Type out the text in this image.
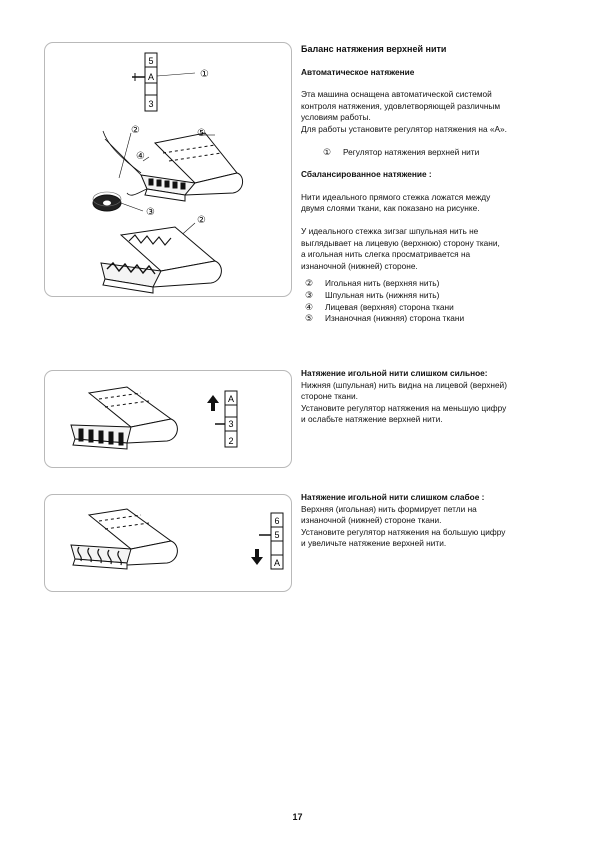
5
A
3
①
②
④
⑤
③
②

Баланс натяжения верхней нити

Автоматическое натяжение

Эта машина оснащена автоматической системой

контроля натяжения, удовлетворяющей различным

условиям работы.

Для работы установите регулятор натяжения на «А».

①	Регулятор натяжения верхней нити

Сбалансированное натяжение :

Нити идеального прямого стежка ложатся между

двумя слоями ткани, как показано на рисунке.

У идеального стежка зигзаг шпульная нить не

выглядывает на лицевую (верхнюю) сторону ткани,

а игольная нить слегка просматривается на

изнаночной (нижней) стороне.

②	Игольная нить (верхняя нить)
③	Шпульная нить (нижняя нить)
④	Лицевая (верхняя) сторона ткани
⑤	Изнаночная (нижняя) сторона ткани
A
3
2

Натяжение игольной нити слишком сильное:

Нижняя (шпульная) нить видна на лицевой (верхней)

стороне ткани.

Установите регулятор натяжения на меньшую цифру

и ослабьте натяжение верхней нити.

6
5
A

Натяжение игольной нити слишком слабое :

Верхняя (игольная) нить формирует петли на

изнаночной (нижней) стороне ткани.

Установите регулятор натяжения на большую цифру

и увеличьте натяжение верхней нити.

17
